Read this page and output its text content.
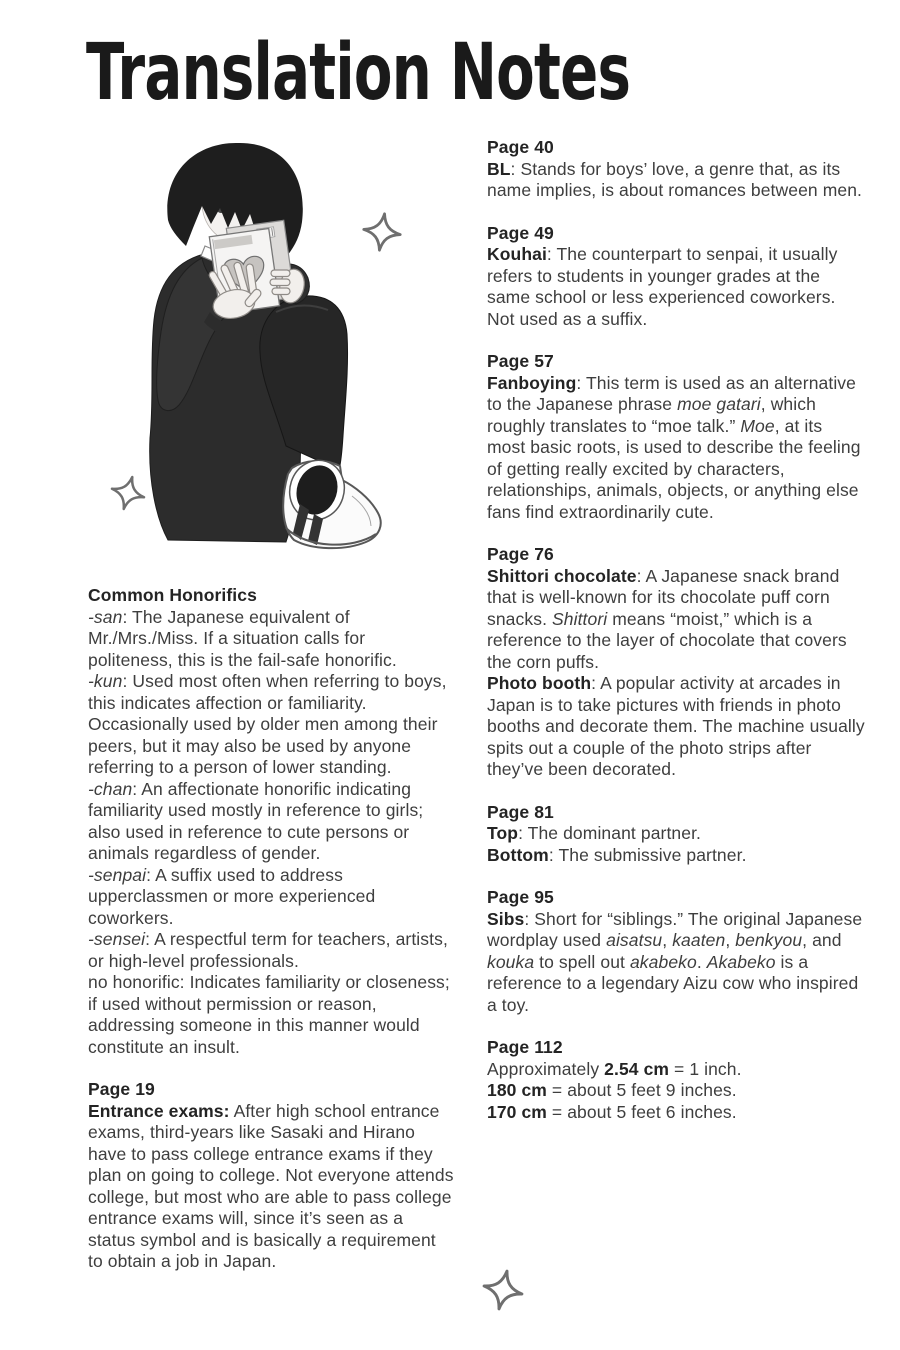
Translation Notes
Common Honorifics

-san: The Japanese equivalent of Mr./Mrs./Miss. If a situation calls for politeness, this is the fail-safe honorific.

-kun: Used most often when referring to boys, this indicates affection or familiarity. Occasionally used by older men among their peers, but it may also be used by anyone referring to a person of lower standing.

-chan: An affectionate honorific indicating familiarity used mostly in reference to girls; also used in reference to cute persons or animals regardless of gender.

-senpai: A suffix used to address upperclassmen or more experienced coworkers.

-sensei: A respectful term for teachers, artists, or high-level professionals.

no honorific: Indicates familiarity or closeness; if used without permission or reason, addressing someone in this manner would constitute an insult.

Page 19

Entrance exams: After high school entrance exams, third-years like Sasaki and Hirano have to pass college entrance exams if they plan on going to college. Not everyone attends college, but most who are able to pass college entrance exams will, since it’s seen as a status symbol and is basically a requirement to obtain a job in Japan.

Page 40

BL: Stands for boys’ love, a genre that, as its name implies, is about romances between men.

Page 49

Kouhai: The counterpart to senpai, it usually refers to students in younger grades at the same school or less experienced coworkers. Not used as a suffix.

Page 57

Fanboying: This term is used as an alternative to the Japanese phrase moe gatari, which roughly translates to “moe talk.” Moe, at its most basic roots, is used to describe the feeling of getting really excited by characters, relationships, animals, objects, or anything else fans find extraordinarily cute.

Page 76

Shittori chocolate: A Japanese snack brand that is well-known for its chocolate puff corn snacks. Shittori means “moist,” which is a reference to the layer of chocolate that covers the corn puffs.

Photo booth: A popular activity at arcades in Japan is to take pictures with friends in photo booths and decorate them. The machine usually spits out a couple of the photo strips after they’ve been decorated.

Page 81

Top: The dominant partner.

Bottom: The submissive partner.

Page 95

Sibs: Short for “siblings.” The original Japanese wordplay used aisatsu, kaaten, benkyou, and kouka to spell out akabeko. Akabeko is a reference to a legendary Aizu cow who inspired a toy.

Page 112

Approximately 2.54 cm = 1 inch.

180 cm = about 5 feet 9 inches.

170 cm = about 5 feet 6 inches.
